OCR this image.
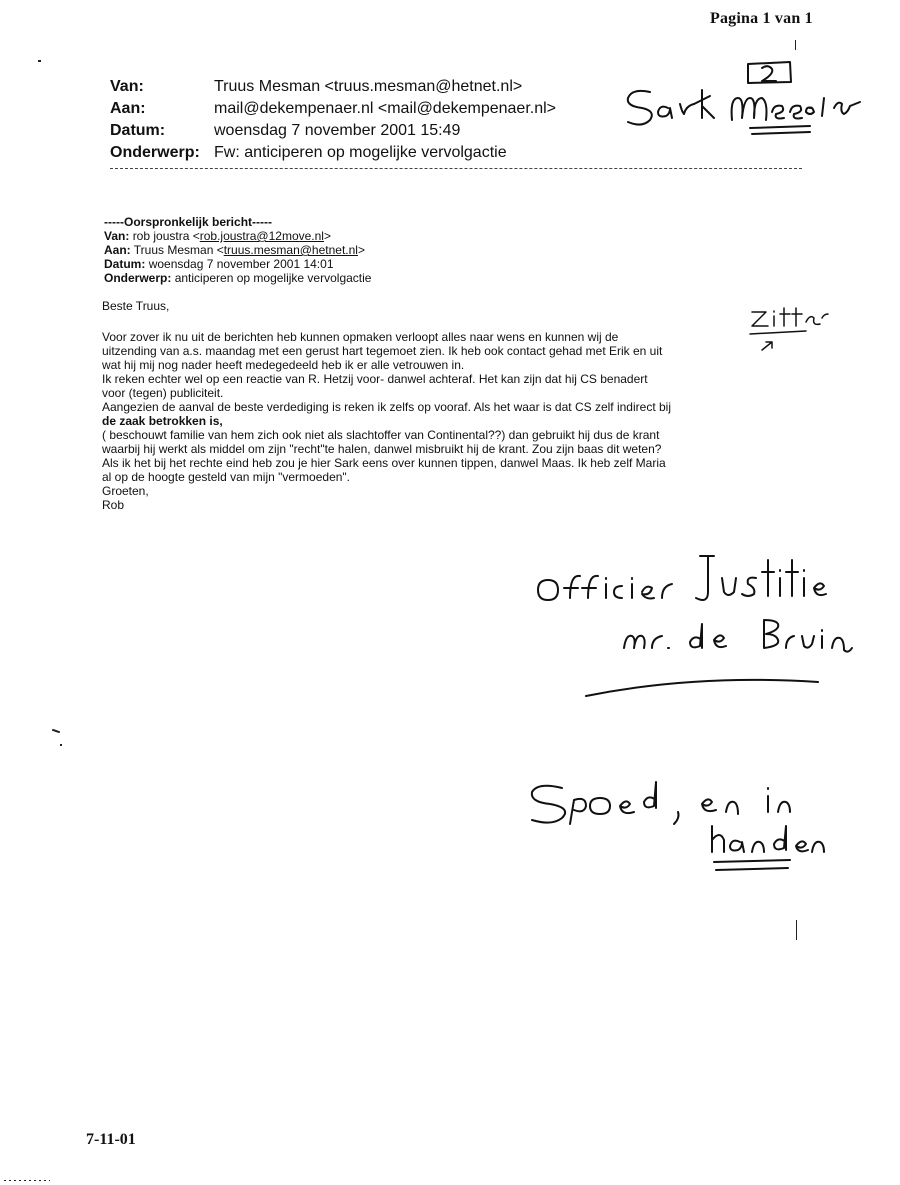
Pagina 1 van 1
Van:	Truus Mesman <truus.mesman@hetnet.nl>
Aan:	mail@dekempenaer.nl <mail@dekempenaer.nl>
Datum:	woensdag 7 november 2001 15:49
Onderwerp: Fw: anticiperen op mogelijke vervolgactie
-----Oorspronkelijk bericht-----
Van: rob joustra <rob.joustra@12move.nl>
Aan: Truus Mesman <truus.mesman@hetnet.nl>
Datum: woensdag 7 november 2001 14:01
Onderwerp: anticiperen op mogelijke vervolgactie
Beste Truus,
Voor zover ik nu uit de berichten heb kunnen opmaken verloopt alles naar wens en kunnen wij de
uitzending van a.s. maandag met een gerust hart tegemoet zien. Ik heb ook contact gehad met Erik en uit
wat hij mij nog nader heeft medegedeeld heb ik er alle vetrouwen in.
Ik reken echter wel op een reactie van R. Hetzij voor- danwel achteraf. Het kan zijn dat hij CS benadert
voor (tegen) publiciteit.
Aangezien de aanval de beste verdediging is reken ik zelfs op vooraf. Als het waar is dat CS zelf indirect bij
de zaak betrokken is,
( beschouwt familie van hem zich ook niet als slachtoffer van Continental??) dan gebruikt hij dus de krant
waarbij hij werkt als middel om zijn "recht"te halen, danwel misbruikt hij de krant. Zou zijn baas dit weten?
Als ik het bij het rechte eind heb zou je hier Sark eens over kunnen tippen, danwel Maas. Ik heb zelf Maria
al op de hoogte gesteld van mijn "vermoeden".
Groeten,
Rob
7-11-01
